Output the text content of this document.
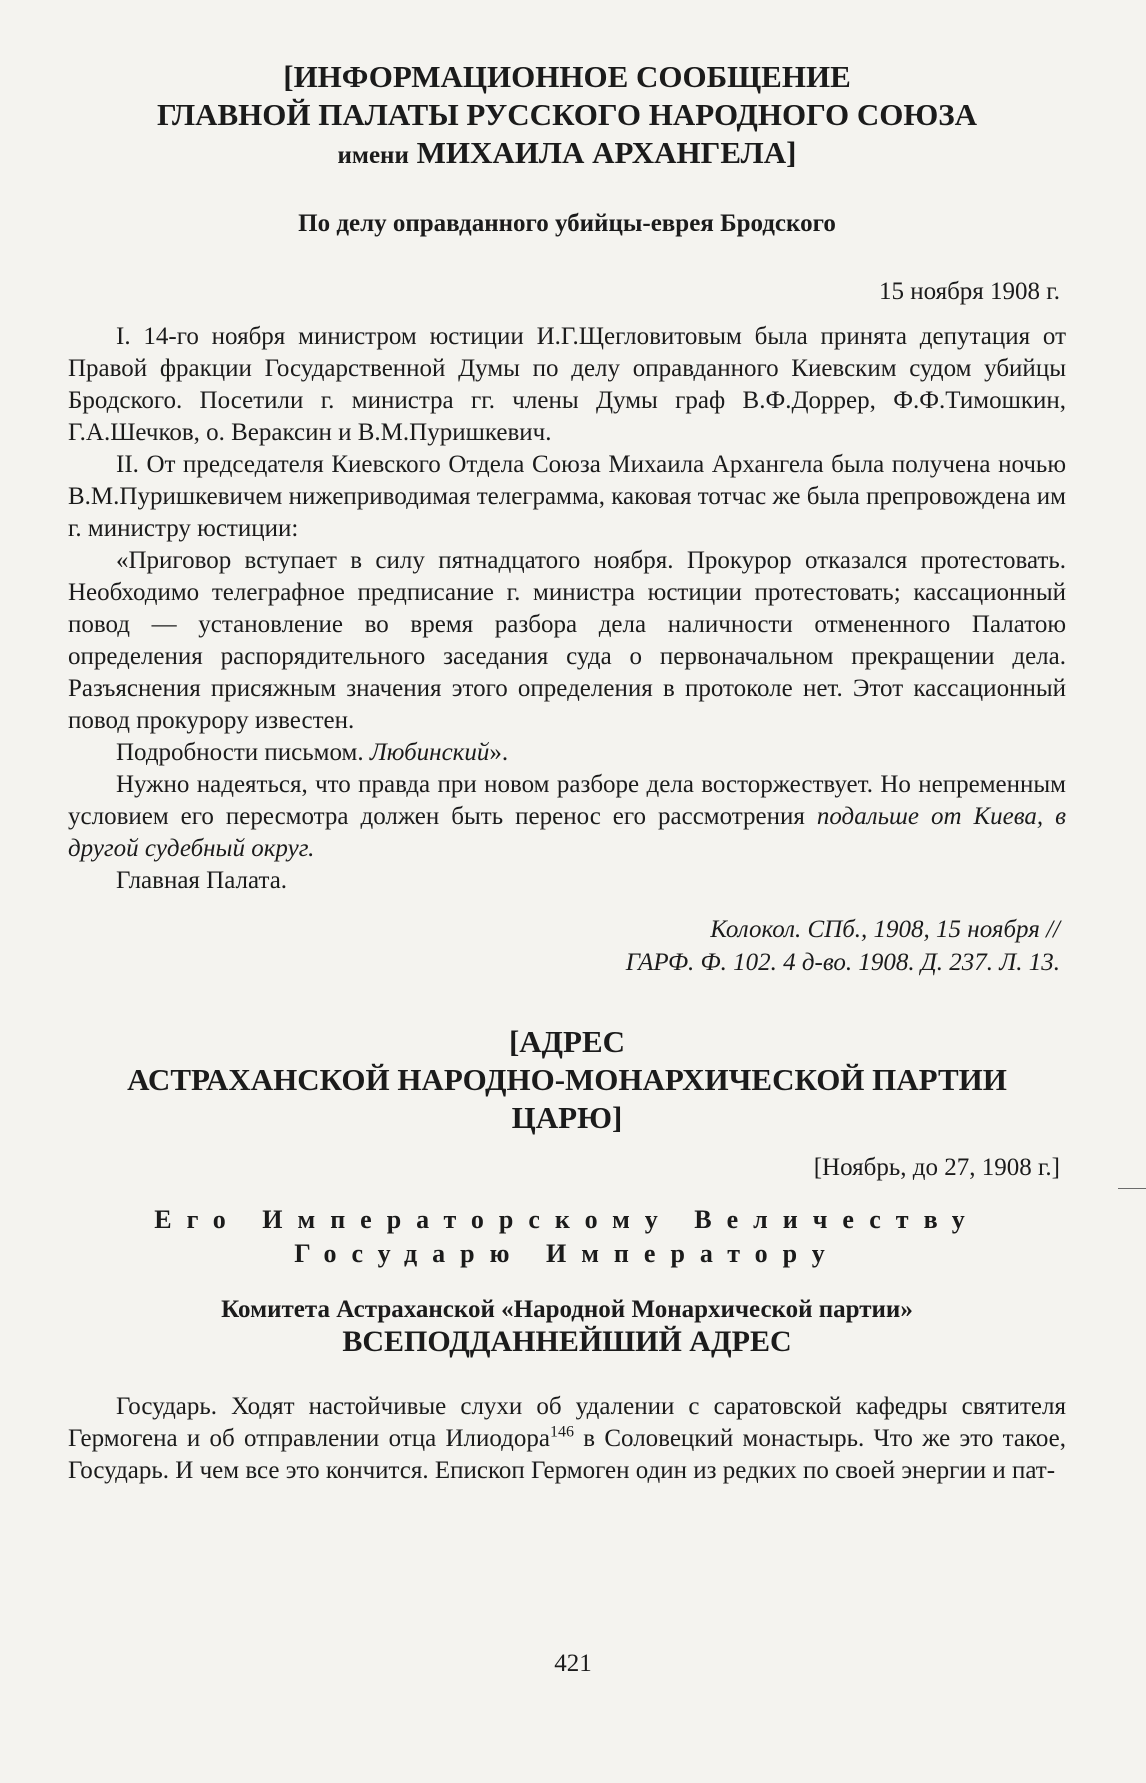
[ИНФОРМАЦИОННОЕ СООБЩЕНИЕ
ГЛАВНОЙ ПАЛАТЫ РУССКОГО НАРОДНОГО СОЮЗА
имени МИХАИЛА АРХАНГЕЛА]
По делу оправданного убийцы-еврея Бродского
15 ноября 1908 г.

I. 14-го ноября министром юстиции И.Г.Щегловитовым была принята депутация от Правой фракции Государственной Думы по делу оправданного Киевским судом убийцы Бродского. Посетили г. министра гг. члены Думы граф В.Ф.Доррер, Ф.Ф.Тимошкин, Г.А.Шечков, о. Вераксин и В.М.Пуришкевич.

II. От председателя Киевского Отдела Союза Михаила Архангела была получена ночью В.М.Пуришкевичем нижеприводимая телеграмма, каковая тотчас же была препровождена им г. министру юстиции:

«Приговор вступает в силу пятнадцатого ноября. Прокурор отказался протестовать. Необходимо телеграфное предписание г. министра юстиции протестовать; кассационный повод — установление во время разбора дела наличности отмененного Палатою определения распорядительного заседания суда о первоначальном прекращении дела. Разъяснения присяжным значения этого определения в протоколе нет. Этот кассационный повод прокурору известен.

Подробности письмом. Любинский».

Нужно надеяться, что правда при новом разборе дела восторжествует. Но непременным условием его пересмотра должен быть перенос его рассмотрения подальше от Киева, в другой судебный округ.

Главная Палата.

Колокол. СПб., 1908, 15 ноября //
ГАРФ. Ф. 102. 4 д-во. 1908. Д. 237. Л. 13.
[АДРЕС
АСТРАХАНСКОЙ НАРОДНО-МОНАРХИЧЕСКОЙ ПАРТИИ
ЦАРЮ]
[Ноябрь, до 27, 1908 г.]
Его Императорскому Величеству
Государю Императору
Комитета Астраханской «Народной Монархической партии»
ВСЕПОДДАННЕЙШИЙ АДРЕС

Государь. Ходят настойчивые слухи об удалении с саратовской кафедры святителя Гермогена и об отправлении отца Илиодора$^{146}$ в Соловецкий монастырь. Что же это такое, Государь. И чем все это кончится. Епископ Гермоген один из редких по своей энергии и пат-

421
